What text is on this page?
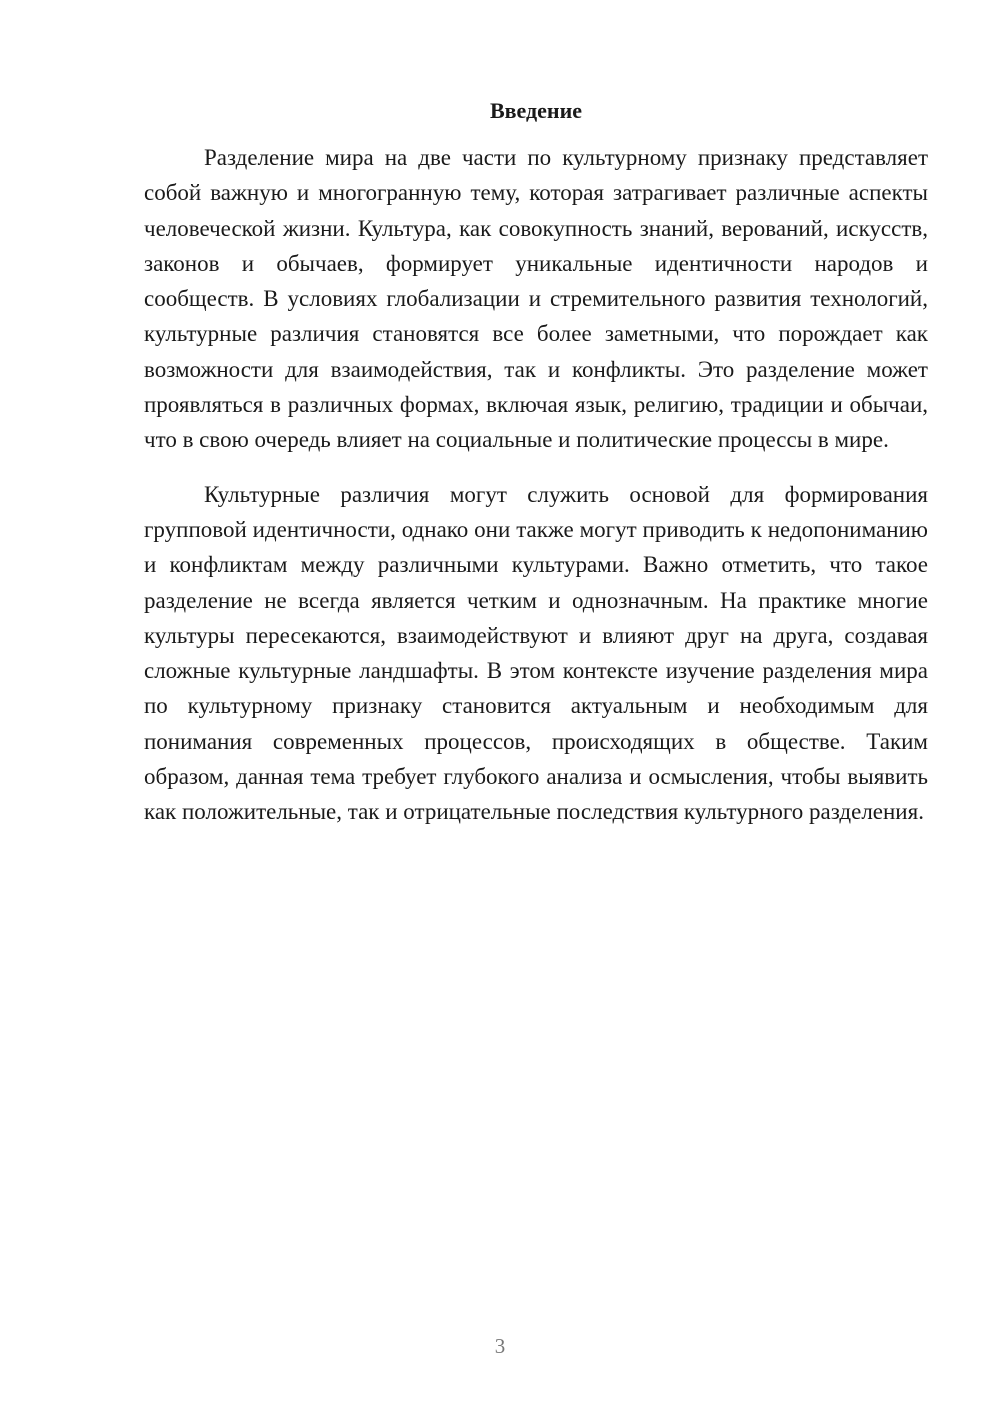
Введение

Разделение мира на две части по культурному признаку представляет собой важную и многогранную тему, которая затрагивает различные аспекты человеческой жизни. Культура, как совокупность знаний, верований, искусств, законов и обычаев, формирует уникальные идентичности народов и сообществ. В условиях глобализации и стремительного развития технологий, культурные различия становятся все более заметными, что порождает как возможности для взаимодействия, так и конфликты. Это разделение может проявляться в различных формах, включая язык, религию, традиции и обычаи, что в свою очередь влияет на социальные и политические процессы в мире.

Культурные различия могут служить основой для формирования групповой идентичности, однако они также могут приводить к недопониманию и конфликтам между различными культурами. Важно отметить, что такое разделение не всегда является четким и однозначным. На практике многие культуры пересекаются, взаимодействуют и влияют друг на друга, создавая сложные культурные ландшафты. В этом контексте изучение разделения мира по культурному признаку становится актуальным и необходимым для понимания современных процессов, происходящих в обществе. Таким образом, данная тема требует глубокого анализа и осмысления, чтобы выявить как положительные, так и отрицательные последствия культурного разделения.

3
